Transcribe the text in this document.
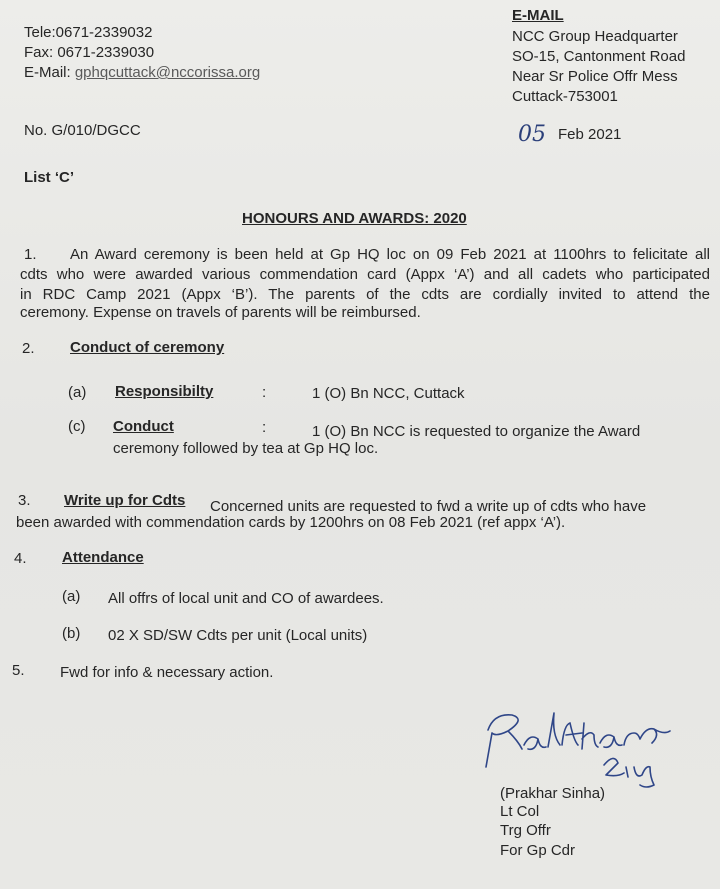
Tele:0671-2339032
Fax: 0671-2339030
E-Mail: gphqcuttack@nccorissa.org
E-MAIL
NCC Group Headquarter
SO-15, Cantonment Road
Near Sr Police Offr Mess
Cuttack-753001
No. G/010/DGCC	05 Feb 2021
List ‘C’
HONOURS AND AWARDS: 2020
1. An Award ceremony is been held at Gp HQ loc on 09 Feb 2021 at 1100hrs to felicitate all
cdts who were awarded various commendation card (Appx ‘A’) and all cadets who participated
in RDC Camp 2021 (Appx ‘B’). The parents of the cdts are cordially invited to attend the
ceremony. Expense on travels of parents will be reimbursed.
2. Conduct of ceremony
(a) Responsibilty	:	1 (O) Bn NCC, Cuttack
(c) Conduct	:	1 (O) Bn NCC is requested to organize the Award
ceremony followed by tea at Gp HQ loc.
3. Write up for Cdts Concerned units are requested to fwd a write up of cdts who have
been awarded with commendation cards by 1200hrs on 08 Feb 2021 (ref appx ‘A’).
4. Attendance
(a) All offrs of local unit and CO of awardees.
(b) 02 X SD/SW Cdts per unit (Local units)
5. Fwd for info & necessary action.
(Prakhar Sinha)
Lt Col
Trg Offr
For Gp Cdr
